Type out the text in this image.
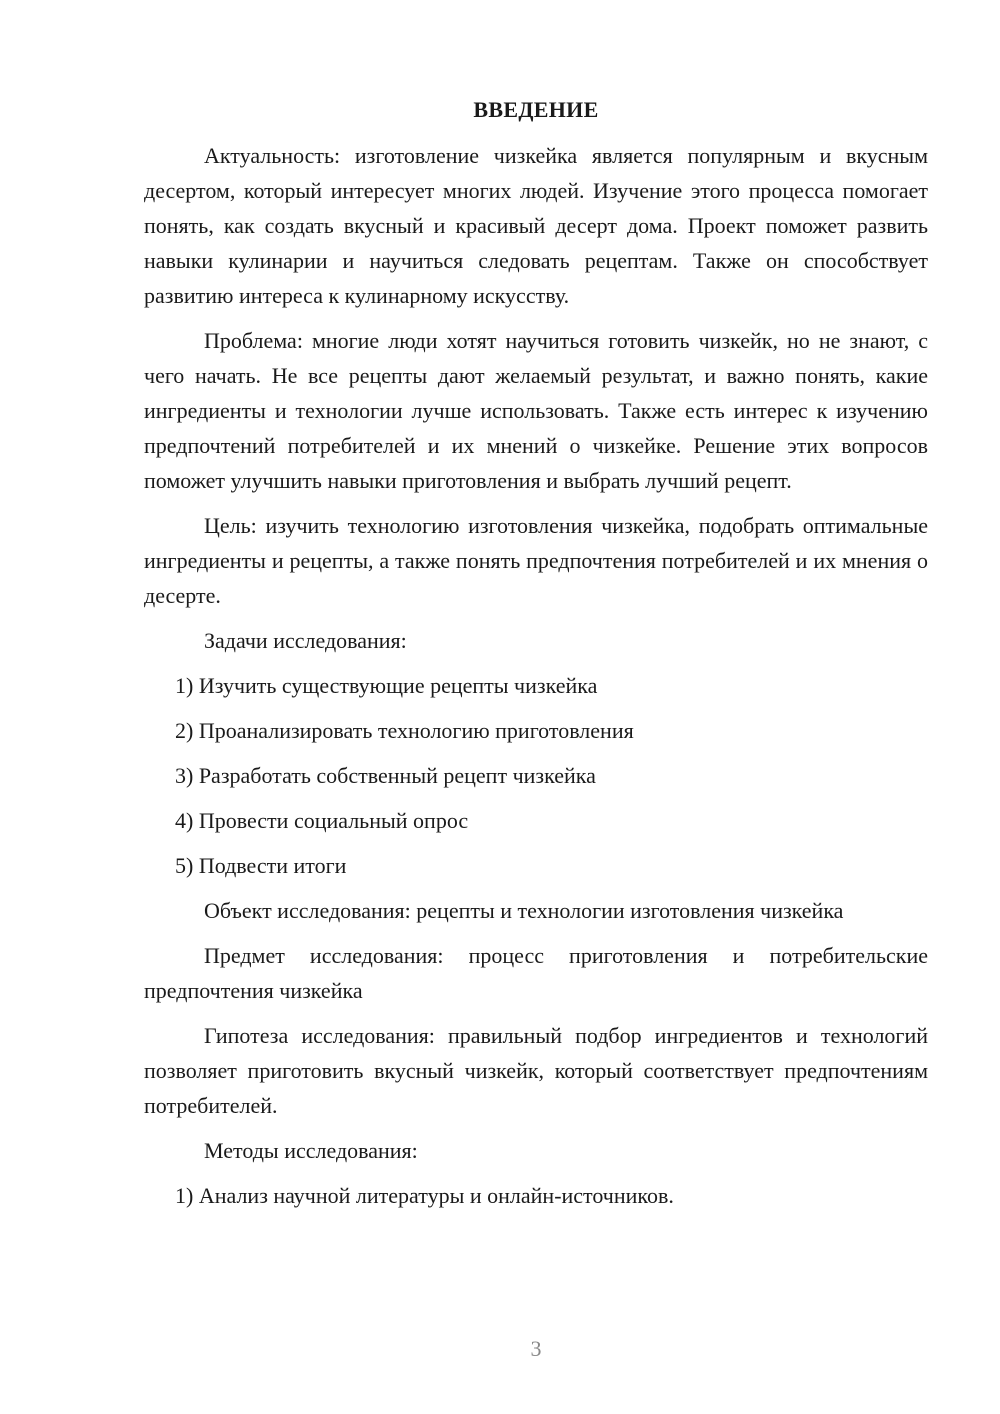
ВВЕДЕНИЕ

Актуальность: изготовление чизкейка является популярным и вкусным десертом, который интересует многих людей. Изучение этого процесса помогает понять, как создать вкусный и красивый десерт дома. Проект поможет развить навыки кулинарии и научиться следовать рецептам. Также он способствует развитию интереса к кулинарному искусству.

Проблема: многие люди хотят научиться готовить чизкейк, но не знают, с чего начать. Не все рецепты дают желаемый результат, и важно понять, какие ингредиенты и технологии лучше использовать. Также есть интерес к изучению предпочтений потребителей и их мнений о чизкейке. Решение этих вопросов поможет улучшить навыки приготовления и выбрать лучший рецепт.

Цель: изучить технологию изготовления чизкейка, подобрать оптимальные ингредиенты и рецепты, а также понять предпочтения потребителей и их мнения о десерте.

Задачи исследования:

1) Изучить существующие рецепты чизкейка
2) Проанализировать технологию приготовления
3) Разработать собственный рецепт чизкейка
4) Провести социальный опрос
5) Подвести итоги

Объект исследования: рецепты и технологии изготовления чизкейка

Предмет исследования: процесс приготовления и потребительские предпочтения чизкейка

Гипотеза исследования: правильный подбор ингредиентов и технологий позволяет приготовить вкусный чизкейк, который соответствует предпочтениям потребителей.

Методы исследования:

1) Анализ научной литературы и онлайн-источников.
3
